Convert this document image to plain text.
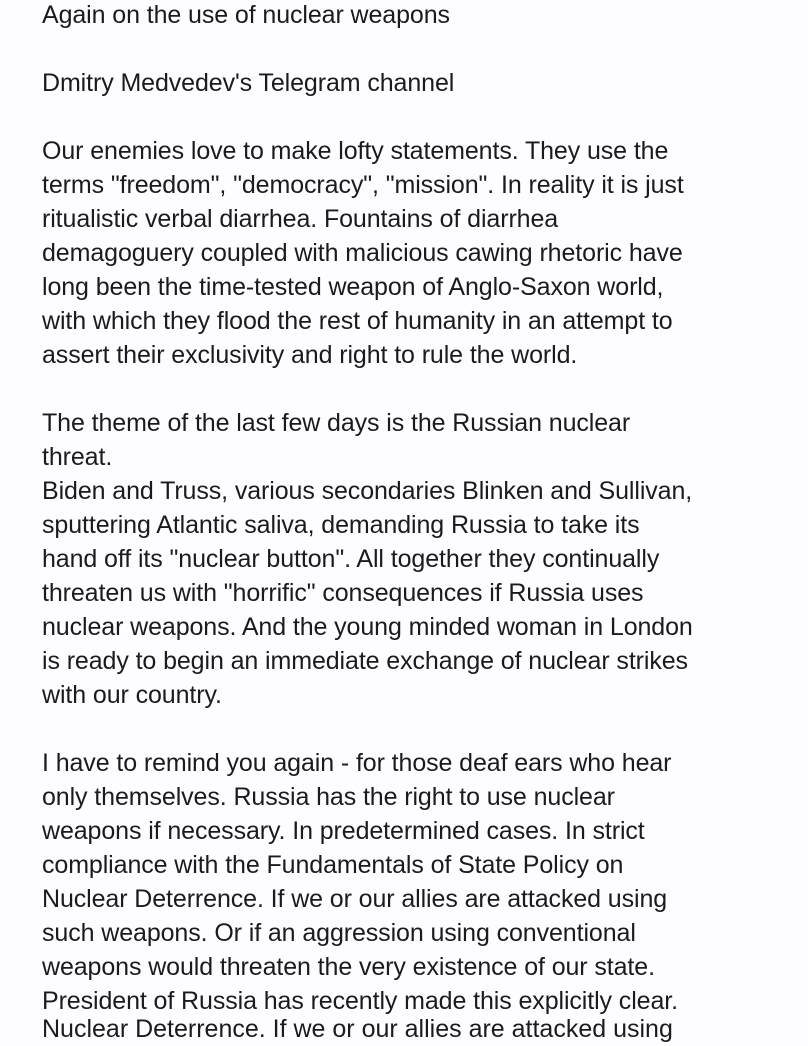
Again on the use of nuclear weapons
Dmitry Medvedev's Telegram channel
Our enemies love to make lofty statements. They use the
terms "freedom", "democracy", "mission". In reality it is just
ritualistic verbal diarrhea. Fountains of diarrhea
demagoguery coupled with malicious cawing rhetoric have
long been the time-tested weapon of Anglo-Saxon world,
with which they flood the rest of humanity in an attempt to
assert their exclusivity and right to rule the world.
The theme of the last few days is the Russian nuclear
threat.
Biden and Truss, various secondaries Blinken and Sullivan,
sputtering Atlantic saliva, demanding Russia to take its
hand off its "nuclear button". All together they continually
threaten us with "horrific" consequences if Russia uses
nuclear weapons. And the young minded woman in London
is ready to begin an immediate exchange of nuclear strikes
with our country.
I have to remind you again - for those deaf ears who hear
only themselves. Russia has the right to use nuclear
weapons if necessary. In predetermined cases. In strict
compliance with the Fundamentals of State Policy on
Nuclear Deterrence. If we or our allies are attacked using
such weapons. Or if an aggression using conventional
weapons would threaten the very existence of our state.
President of Russia has recently made this explicitly clear.
Nuclear Deterrence. If we or our allies are attacked using
